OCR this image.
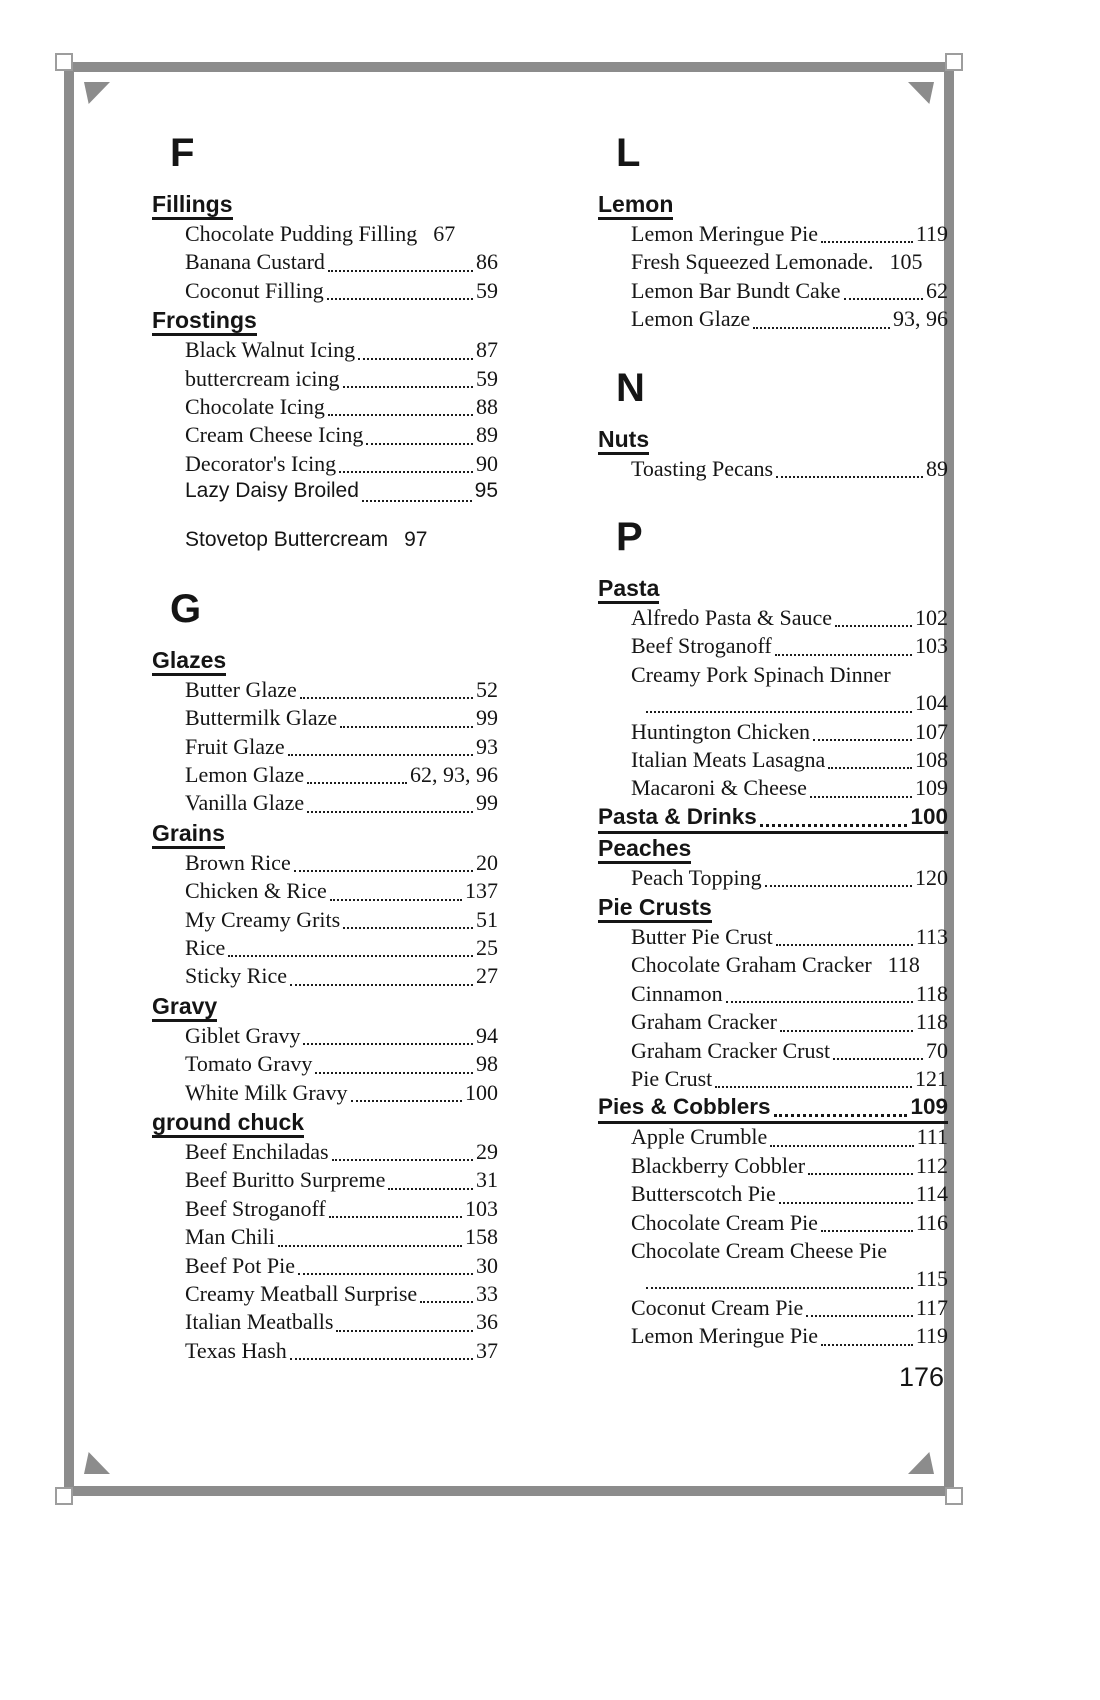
F
Fillings
Chocolate Pudding Filling 67
Banana Custard	86
Coconut Filling	59
Frostings
Black Walnut Icing	87
buttercream icing	59
Chocolate Icing	88
Cream Cheese Icing	89
Decorator's Icing	90
Lazy Daisy Broiled	95
Stovetop Buttercream 97
G
Glazes
Butter Glaze	52
Buttermilk Glaze	99
Fruit Glaze	93
Lemon Glaze	62, 93, 96
Vanilla Glaze	99
Grains
Brown Rice	20
Chicken & Rice	137
My Creamy Grits	51
Rice	25
Sticky Rice	27
Gravy
Giblet Gravy	94
Tomato Gravy	98
White Milk Gravy	100
ground chuck
Beef Enchiladas	29
Beef Buritto Surpreme	31
Beef Stroganoff	103
Man Chili	158
Beef Pot Pie	30
Creamy Meatball Surprise	33
Italian Meatballs	36
Texas Hash	37
L
Lemon
Lemon Meringue Pie	119
Fresh Squeezed Lemonade. 105
Lemon Bar Bundt Cake	62
Lemon Glaze	93, 96
N
Nuts
Toasting Pecans	89
P
Pasta
Alfredo Pasta & Sauce	102
Beef Stroganoff	103
Creamy Pork Spinach Dinner
104
Huntington Chicken	107
Italian Meats Lasagna	108
Macaroni & Cheese	109
Pasta & Drinks	100
Peaches
Peach Topping	120
Pie Crusts
Butter Pie Crust	113
Chocolate Graham Cracker 118
Cinnamon	118
Graham Cracker	118
Graham Cracker Crust	70
Pie Crust	121
Pies & Cobblers	109
Apple Crumble	111
Blackberry Cobbler	112
Butterscotch Pie	114
Chocolate Cream Pie	116
Chocolate Cream Cheese Pie
115
Coconut Cream Pie	117
Lemon Meringue Pie	119
176
